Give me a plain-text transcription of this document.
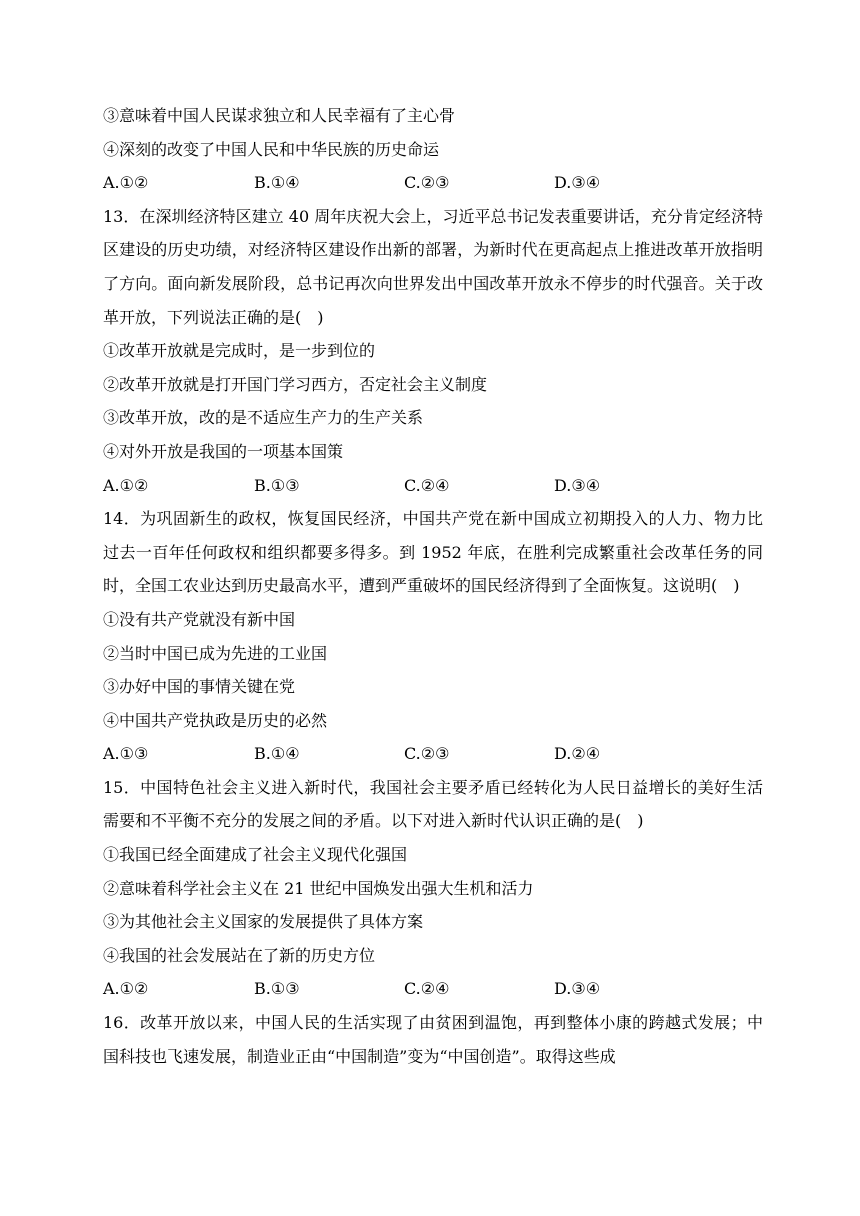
③意味着中国人民谋求独立和人民幸福有了主心骨
④深刻的改变了中国人民和中华民族的历史命运
A.①②	B.①④	C.②③	D.③④

13．在深圳经济特区建立 40 周年庆祝大会上，习近平总书记发表重要讲话，充分肯定经济特区建设的历史功绩，对经济特区建设作出新的部署，为新时代在更高起点上推进改革开放指明了方向。面向新发展阶段，总书记再次向世界发出中国改革开放永不停步的时代强音。关于改革开放，下列说法正确的是(　)

①改革开放就是完成时，是一步到位的
②改革开放就是打开国门学习西方，否定社会主义制度
③改革开放，改的是不适应生产力的生产关系
④对外开放是我国的一项基本国策
A.①②	B.①③	C.②④	D.③④

14．为巩固新生的政权，恢复国民经济，中国共产党在新中国成立初期投入的人力、物力比过去一百年任何政权和组织都要多得多。到 1952 年底，在胜利完成繁重社会改革任务的同时，全国工农业达到历史最高水平，遭到严重破坏的国民经济得到了全面恢复。这说明(　)

①没有共产党就没有新中国
②当时中国已成为先进的工业国
③办好中国的事情关键在党
④中国共产党执政是历史的必然
A.①③	B.①④	C.②③	D.②④

15．中国特色社会主义进入新时代，我国社会主要矛盾已经转化为人民日益增长的美好生活需要和不平衡不充分的发展之间的矛盾。以下对进入新时代认识正确的是(　)

①我国已经全面建成了社会主义现代化强国
②意味着科学社会主义在 21 世纪中国焕发出强大生机和活力
③为其他社会主义国家的发展提供了具体方案
④我国的社会发展站在了新的历史方位
A.①②	B.①③	C.②④	D.③④

16．改革开放以来，中国人民的生活实现了由贫困到温饱，再到整体小康的跨越式发展；中国科技也飞速发展，制造业正由“中国制造”变为“中国创造”。取得这些成
